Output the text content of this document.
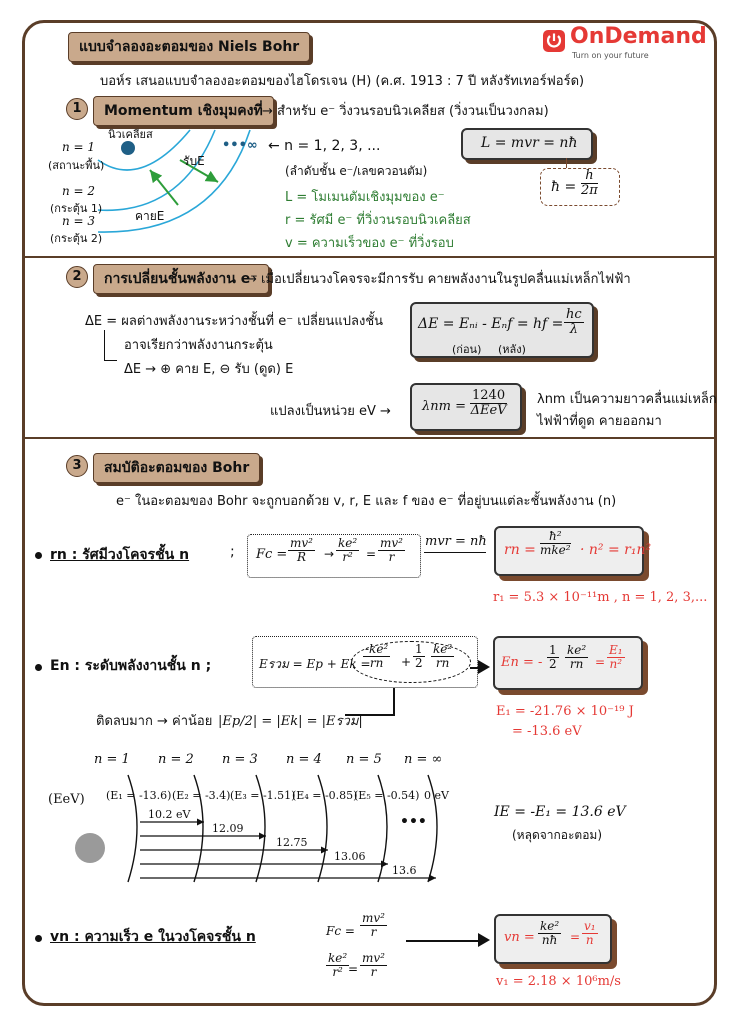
แบบจำลองอะตอมของ Niels Bohr	OnDemand
Turn on your future
บอห์ร เสนอแบบจำลองอะตอมของไฮโดรเจน (H) (ค.ศ. 1913 : 7 ปี หลังรัทเทอร์ฟอร์ด)
1	Momentum เชิงมุมคงที่ → สำหรับ e⁻ วิ่งวนรอบนิวเคลียส (วิ่งวนเป็นวงกลม)
นิวเคลียส
•••∞
n = 1
(สถานะพื้น)
n = 2
(กระตุ้น 1)
n = 3
(กระตุ้น 2)
รับE
คายE
← n = 1, 2, 3, ...
(ลำดับชั้น e⁻/เลขควอนตัม)
L = โมเมนตัมเชิงมุมของ e⁻
r = รัศมี e⁻ ที่วิ่งวนรอบนิวเคลียส
v = ความเร็วของ e⁻ ที่วิ่งรอบ
L = mvr = nħ
ħ = $\frac{h}{2\pi}$
2	การเปลี่ยนชั้นพลังงาน e⁻
→ เมื่อเปลี่ยนวงโคจรจะมีการรับ คายพลังงานในรูปคลื่นแม่เหล็กไฟฟ้า
ΔE = ผลต่างพลังงานระหว่างชั้นที่ e⁻ เปลี่ยนแปลงชั้น
อาจเรียกว่าพลังงานกระตุ้น
ΔE → ⊕ คาย E, ⊖ รับ (ดูด) E
ΔE = Eₙᵢ - Eₙf = hf = $\frac{hc}{\lambda}$
(ก่อน) (หลัง)
แปลงเป็นหน่วย eV → $\lambda nm = \frac{1240}{\text{ΔEeV}}$ λnm เป็นความยาวคลื่นแม่เหล็ก
ไฟฟ้าที่ดูด คายออกมา
3	สมบัติอะตอมของ Bohr
e⁻ ในอะตอมของ Bohr จะถูกบอกด้วย v, r, E และ f ของ e⁻ ที่อยู่บนแต่ละชั้นพลังงาน (n)
rn : รัศมีวงโคจรชั้น n	; $Fc = \frac{\text{mv²}}{R} \to \frac{\text{ke²}}{\text{r²}} = \frac{\text{mv²}}{r}$ mvr = nħ
rn = $\frac{\text{ħ²}}{\text{mke²}} \cdot n^2 = r_1n^2$
r₁ = 5.3 × 10⁻¹¹m , n = 1, 2, 3,...
En : ระดับพลังงานชั้น n ;	Eรวม = Ep + Ek =
$\frac{\text{-ke²}}{rn} + \frac{1}{2} \frac{\text{ke²}}{rn}$	En = - $\frac{1}{2} \frac{\text{ke²}}{rn} = \frac{\text{E₁}}{\text{n²}}$
ติดลบมาก → ค่าน้อย |Ep/2| = |Ek| = |Eรวม|
E₁ = -21.76 × 10⁻¹⁹ J
= -13.6 eV
n = 1 n = 2 n = 3 n = 4 n = 5 n = ∞
(EeV) (E₁ = -13.6) (E₂ = -3.4) (E₃ = -1.51)
(E₄ = -0.85)
(E₅ = -0.54) 0 eV
10.2 eV
12.09
12.75
13.06
13.6
•••
IE = -E₁ = 13.6 eV
(หลุดจากอะตอม)
vn : ความเร็ว e ในวงโคจรชั้น n	$Fc = \frac{\text{mv²}}{r}$
$\frac{\text{ke²}}{\text{r²}}$
= $\frac{\text{mv²}}{r}$
vn = $\frac{\text{ke²}}{nħ} = \frac{\text{v₁}}{n}$
v₁ = 2.18 × 10⁶m/s
